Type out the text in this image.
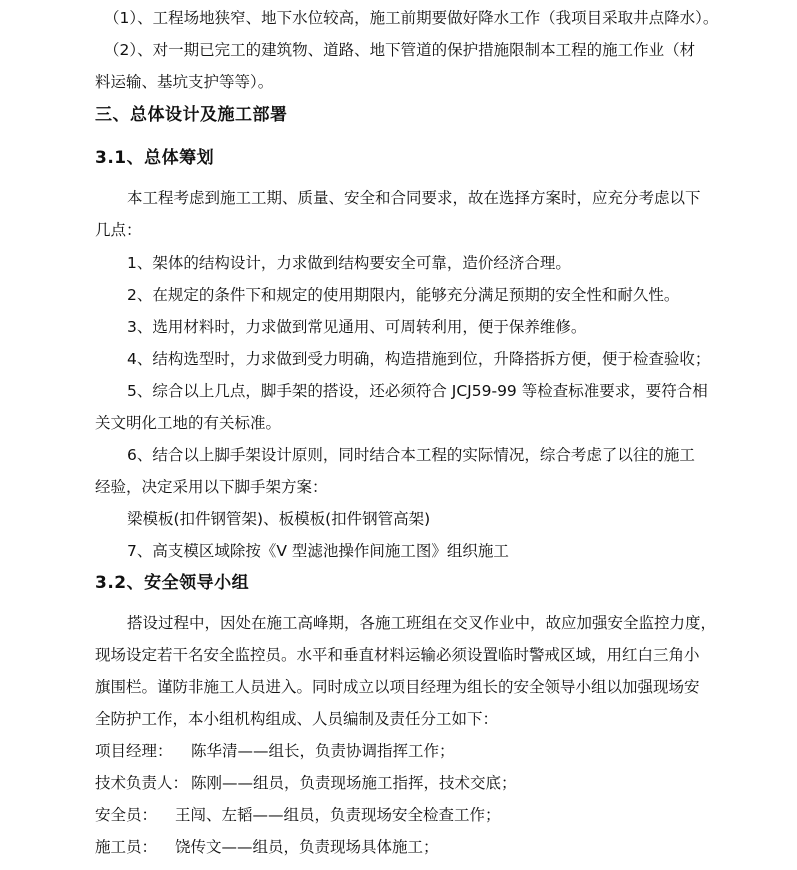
（1）、工程场地狭窄、地下水位较高，施工前期要做好降水工作（我项目采取井点降水）。
（2）、对一期已完工的建筑物、道路、地下管道的保护措施限制本工程的施工作业（材
料运输、基坑支护等等）。
三、总体设计及施工部署
3.1、总体筹划
本工程考虑到施工工期、质量、安全和合同要求，故在选择方案时，应充分考虑以下
几点：
1、架体的结构设计，力求做到结构要安全可靠，造价经济合理。
2、在规定的条件下和规定的使用期限内，能够充分满足预期的安全性和耐久性。
3、选用材料时，力求做到常见通用、可周转利用，便于保养维修。
4、结构选型时，力求做到受力明确，构造措施到位，升降搭拆方便，便于检查验收；
5、综合以上几点，脚手架的搭设，还必须符合 JCJ59-99 等检查标准要求，要符合相
关文明化工地的有关标准。
6、结合以上脚手架设计原则，同时结合本工程的实际情况，综合考虑了以往的施工
经验，决定采用以下脚手架方案：
梁模板(扣件钢管架)、板模板(扣件钢管高架)
7、高支模区域除按《V 型滤池操作间施工图》组织施工
3.2、安全领导小组
搭设过程中，因处在施工高峰期，各施工班组在交叉作业中，故应加强安全监控力度，
现场设定若干名安全监控员。水平和垂直材料运输必须设置临时警戒区域，用红白三角小
旗围栏。谨防非施工人员进入。同时成立以项目经理为组长的安全领导小组以加强现场安
全防护工作，本小组机构组成、人员编制及责任分工如下：
项目经理： 陈华清——组长，负责协调指挥工作；
技术负责人： 陈刚——组员，负责现场施工指挥，技术交底；
安全员： 王闯、左韬——组员，负责现场安全检查工作；
施工员： 饶传文——组员，负责现场具体施工；
